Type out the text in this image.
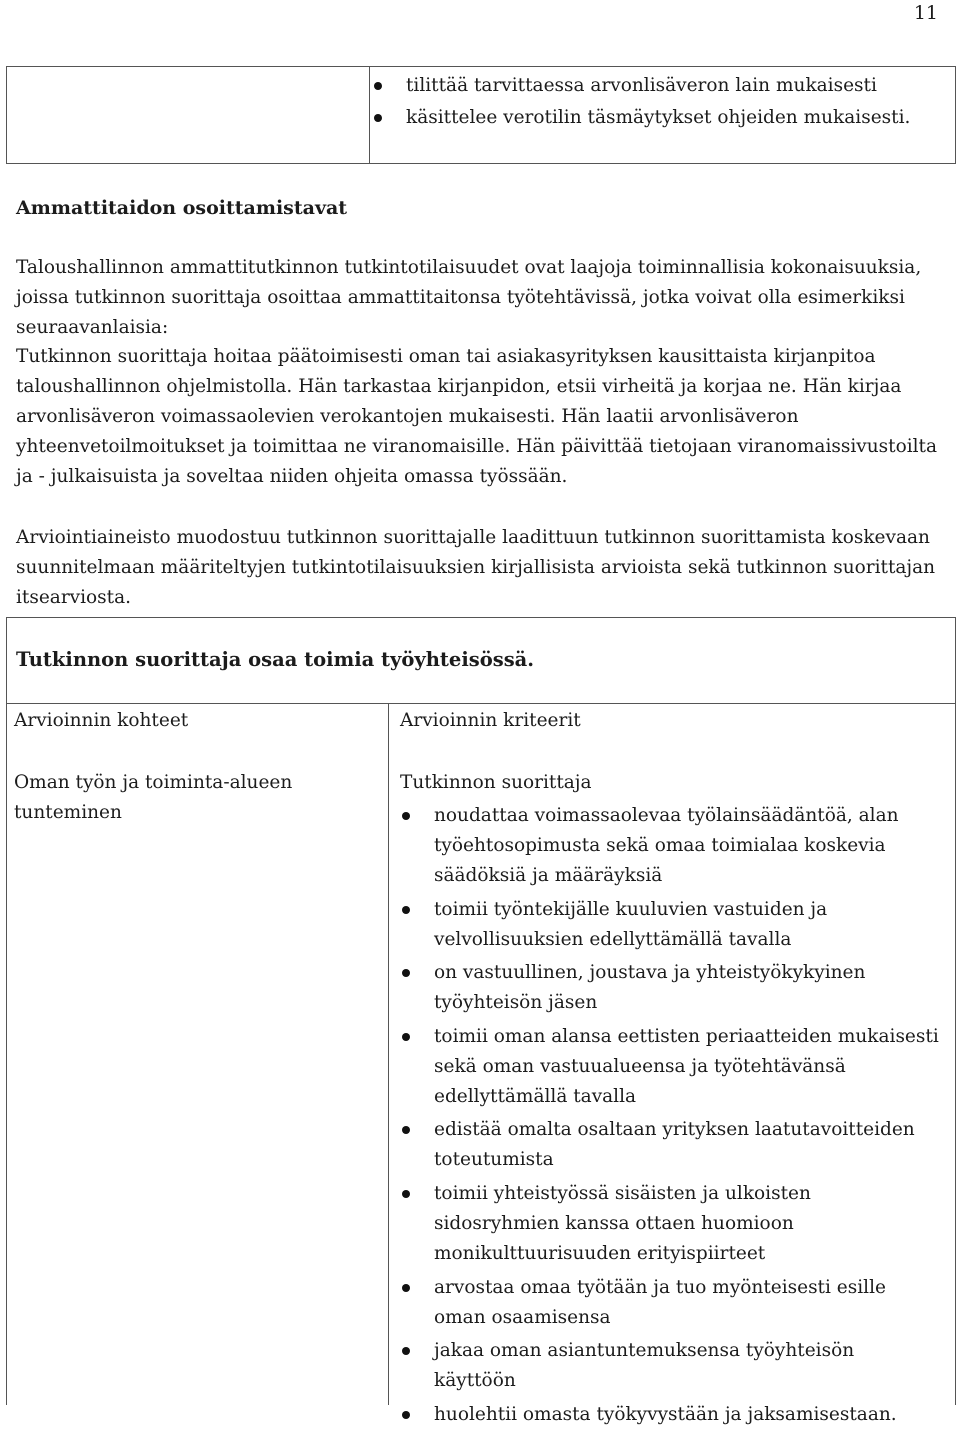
11
tilittää tarvittaessa arvonlisäveron lain mukaisesti
käsittelee verotilin täsmäytykset ohjeiden mukaisesti.
Ammattitaidon osoittamistavat
Taloushallinnon ammattitutkinnon tutkintotilaisuudet ovat laajoja toiminnallisia kokonaisuuksia, joissa tutkinnon suorittaja osoittaa ammattitaitonsa työtehtävissä, jotka voivat olla esimerkiksi seuraavanlaisia:
Tutkinnon suorittaja hoitaa päätoimisesti oman tai asiakasyrityksen kausittaista kirjanpitoa taloushallinnon ohjelmistolla. Hän tarkastaa kirjanpidon, etsii virheitä ja korjaa ne. Hän kirjaa arvonlisäveron voimassaolevien verokantojen mukaisesti. Hän laatii arvonlisäveron yhteenvetoilmoitukset ja toimittaa ne viranomaisille. Hän päivittää tietojaan viranomaissivustoilta ja - julkaisuista ja soveltaa niiden ohjeita omassa työssään.
Arviointiaineisto muodostuu tutkinnon suorittajalle laadittuun tutkinnon suorittamista koskevaan suunnitelmaan määriteltyjen tutkintotilaisuuksien kirjallisista arvioista sekä tutkinnon suorittajan itsearviosta.
Tutkinnon suorittaja osaa toimia työyhteisössä.
Arvioinnin kohteet	Arvioinnin kriteerit
Oman työn ja toiminta-alueen tunteminen
Tutkinnon suorittaja
noudattaa voimassaolevaa työlainsäädäntöä, alan työehtosopimusta sekä omaa toimialaa koskevia säädöksiä ja määräyksiä
toimii työntekijälle kuuluvien vastuiden ja velvollisuuksien edellyttämällä tavalla
on vastuullinen, joustava ja yhteistyökykyinen työyhteisön jäsen
toimii oman alansa eettisten periaatteiden mukaisesti sekä oman vastuualueensa ja työtehtävänsä edellyttämällä tavalla
edistää omalta osaltaan yrityksen laatutavoitteiden toteutumista
toimii yhteistyössä sisäisten ja ulkoisten sidosryhmien kanssa ottaen huomioon monikulttuurisuuden erityispiirteet
arvostaa omaa työtään ja tuo myönteisesti esille oman osaamisensa
jakaa oman asiantuntemuksensa työyhteisön käyttöön
huolehtii omasta työkyvystään ja jaksamisestaan.
